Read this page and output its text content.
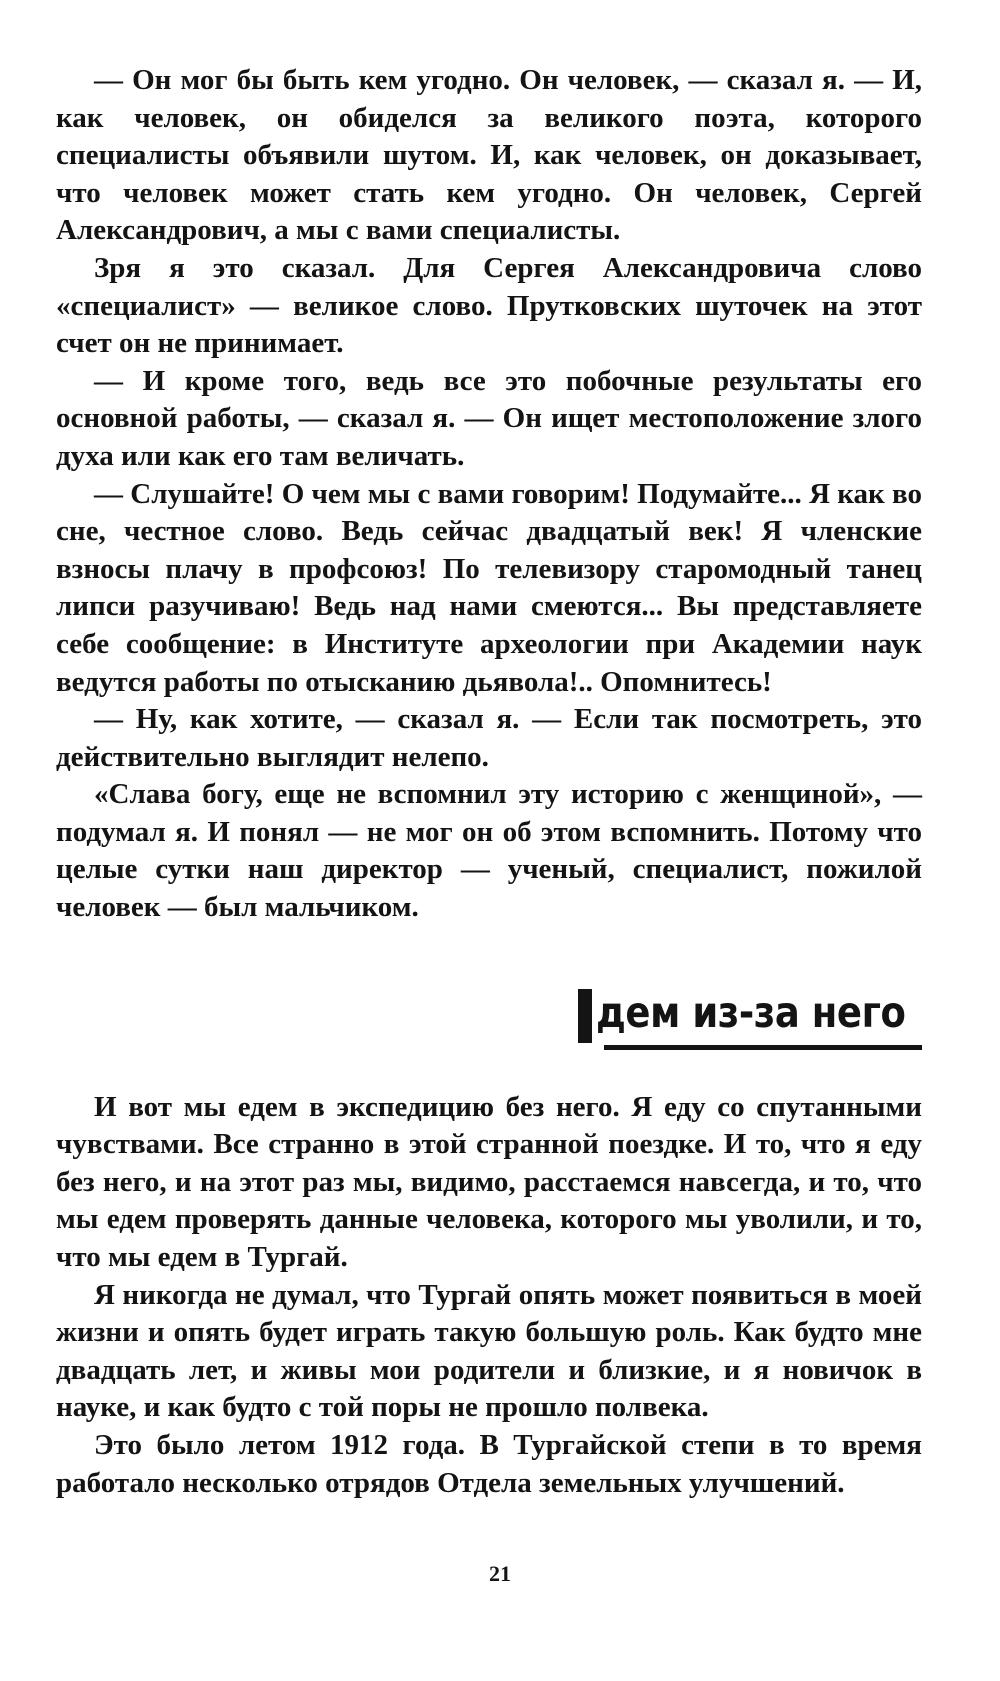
— Он мог бы быть кем угодно. Он человек, — сказал я. — И, как человек, он обиделся за великого поэта, которого специалисты объявили шутом. И, как человек, он доказывает, что человек может стать кем угодно. Он человек, Сергей Александрович, а мы с вами специалисты.

Зря я это сказал. Для Сергея Александровича слово «специалист» — великое слово. Прутковских шуточек на этот счет он не принимает.

— И кроме того, ведь все это побочные результаты его основной работы, — сказал я. — Он ищет местоположение злого духа или как его там величать.

— Слушайте! О чем мы с вами говорим! Подумайте... Я как во сне, честное слово. Ведь сейчас двадцатый век! Я членские взносы плачу в профсоюз! По телевизору старомодный танец липси разучиваю! Ведь над нами смеются... Вы представляете себе сообщение: в Институте археологии при Академии наук ведутся работы по отысканию дьявола!.. Опомнитесь!

— Ну, как хотите, — сказал я. — Если так посмотреть, это действительно выглядит нелепо.

«Слава богу, еще не вспомнил эту историю с женщиной», — подумал я. И понял — не мог он об этом вспомнить. Потому что целые сутки наш директор — ученый, специалист, пожилой человек — был мальчиком.

дем из-за него

И вот мы едем в экспедицию без него. Я еду со спутанными чувствами. Все странно в этой странной поездке. И то, что я еду без него, и на этот раз мы, видимо, расстаемся навсегда, и то, что мы едем проверять данные человека, которого мы уволили, и то, что мы едем в Тургай.

Я никогда не думал, что Тургай опять может появиться в моей жизни и опять будет играть такую большую роль. Как будто мне двадцать лет, и живы мои родители и близкие, и я новичок в науке, и как будто с той поры не прошло полвека.

Это было летом 1912 года. В Тургайской степи в то время работало несколько отрядов Отдела земельных улучшений.

21
